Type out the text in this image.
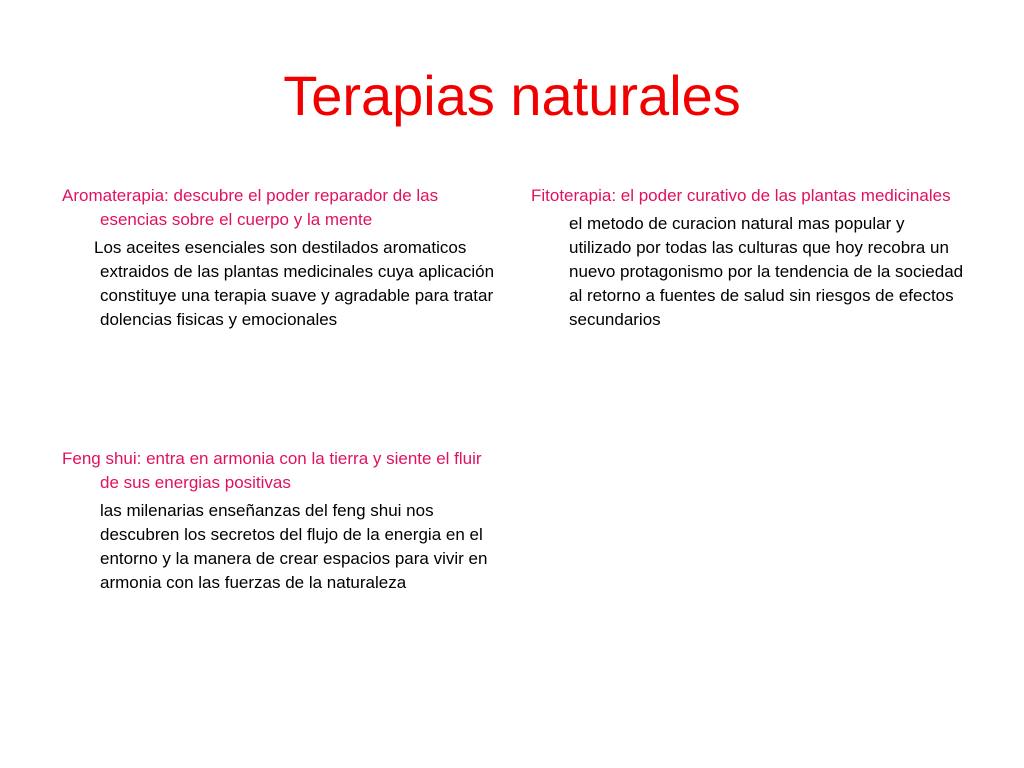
Terapias naturales

Aromaterapia: descubre el poder reparador de las esencias sobre el cuerpo y la mente

Los aceites esenciales son destilados aromaticos extraidos de las plantas medicinales cuya aplicación constituye una terapia suave y agradable para tratar dolencias fisicas y emocionales

Feng shui: entra en armonia con la tierra y siente el fluir de sus energias positivas

las milenarias enseñanzas del feng shui nos descubren los secretos del flujo de la energia en el entorno y la manera de crear espacios para vivir en armonia con las fuerzas de la naturaleza

Fitoterapia: el poder curativo de las plantas medicinales

el metodo de curacion natural mas popular y utilizado por todas las culturas que hoy recobra un nuevo protagonismo por la tendencia de la sociedad al retorno a fuentes de salud sin riesgos de efectos secundarios
